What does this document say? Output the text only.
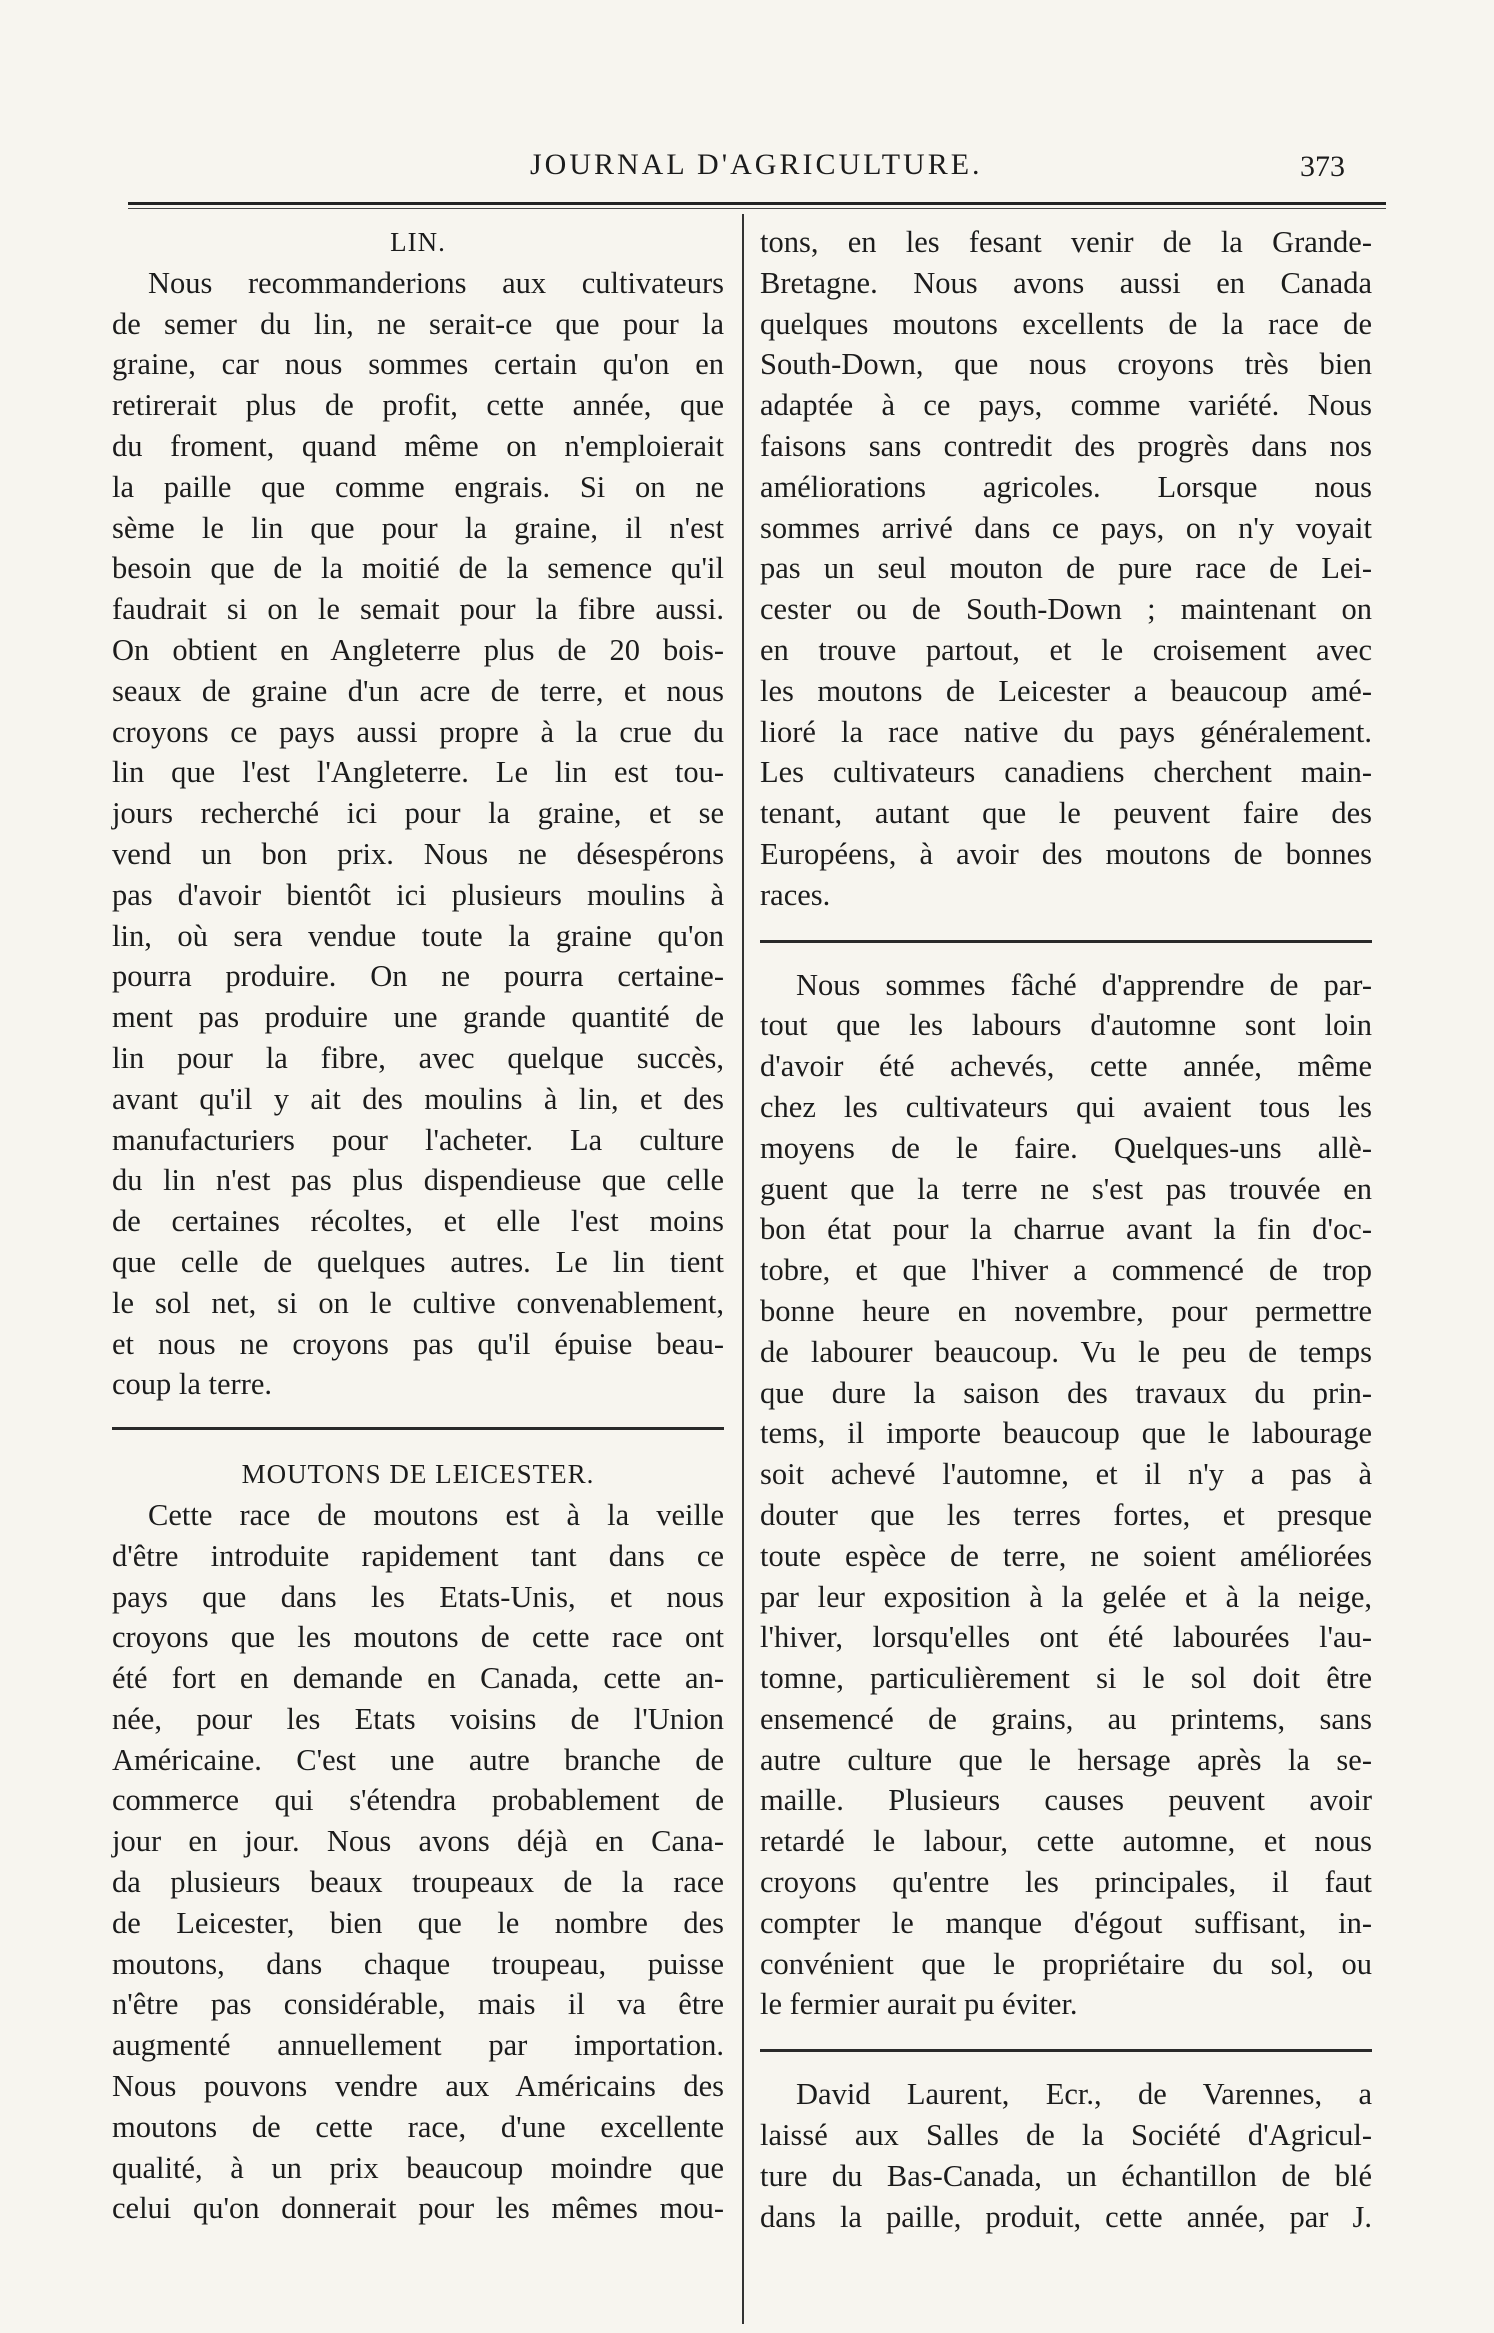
JOURNAL D'AGRICULTURE.	373
LIN.
Nous recommanderions aux cultivateurs
de semer du lin, ne serait-ce que pour la
graine, car nous sommes certain qu'on en
retirerait plus de profit, cette année, que
du froment, quand même on n'emploierait
la paille que comme engrais. Si on ne
sème le lin que pour la graine, il n'est
besoin que de la moitié de la semence qu'il
faudrait si on le semait pour la fibre aussi.
On obtient en Angleterre plus de 20 bois-
seaux de graine d'un acre de terre, et nous
croyons ce pays aussi propre à la crue du
lin que l'est l'Angleterre. Le lin est tou-
jours recherché ici pour la graine, et se
vend un bon prix. Nous ne désespérons
pas d'avoir bientôt ici plusieurs moulins à
lin, où sera vendue toute la graine qu'on
pourra produire. On ne pourra certaine-
ment pas produire une grande quantité de
lin pour la fibre, avec quelque succès,
avant qu'il y ait des moulins à lin, et des
manufacturiers pour l'acheter. La culture
du lin n'est pas plus dispendieuse que celle
de certaines récoltes, et elle l'est moins
que celle de quelques autres. Le lin tient
le sol net, si on le cultive convenablement,
et nous ne croyons pas qu'il épuise beau-
coup la terre.
MOUTONS DE LEICESTER.
Cette race de moutons est à la veille
d'être introduite rapidement tant dans ce
pays que dans les Etats-Unis, et nous
croyons que les moutons de cette race ont
été fort en demande en Canada, cette an-
née, pour les Etats voisins de l'Union
Américaine. C'est une autre branche de
commerce qui s'étendra probablement de
jour en jour. Nous avons déjà en Cana-
da plusieurs beaux troupeaux de la race
de Leicester, bien que le nombre des
moutons, dans chaque troupeau, puisse
n'être pas considérable, mais il va être
augmenté annuellement par importation.
Nous pouvons vendre aux Américains des
moutons de cette race, d'une excellente
qualité, à un prix beaucoup moindre que
celui qu'on donnerait pour les mêmes mou-
tons, en les fesant venir de la Grande-
Bretagne. Nous avons aussi en Canada
quelques moutons excellents de la race de
South-Down, que nous croyons très bien
adaptée à ce pays, comme variété. Nous
faisons sans contredit des progrès dans nos
améliorations agricoles. Lorsque nous
sommes arrivé dans ce pays, on n'y voyait
pas un seul mouton de pure race de Lei-
cester ou de South-Down ; maintenant on
en trouve partout, et le croisement avec
les moutons de Leicester a beaucoup amé-
lioré la race native du pays généralement.
Les cultivateurs canadiens cherchent main-
tenant, autant que le peuvent faire des
Européens, à avoir des moutons de bonnes
races.
Nous sommes fâché d'apprendre de par-
tout que les labours d'automne sont loin
d'avoir été achevés, cette année, même
chez les cultivateurs qui avaient tous les
moyens de le faire. Quelques-uns allè-
guent que la terre ne s'est pas trouvée en
bon état pour la charrue avant la fin d'oc-
tobre, et que l'hiver a commencé de trop
bonne heure en novembre, pour permettre
de labourer beaucoup. Vu le peu de temps
que dure la saison des travaux du prin-
tems, il importe beaucoup que le labourage
soit achevé l'automne, et il n'y a pas à
douter que les terres fortes, et presque
toute espèce de terre, ne soient améliorées
par leur exposition à la gelée et à la neige,
l'hiver, lorsqu'elles ont été labourées l'au-
tomne, particulièrement si le sol doit être
ensemencé de grains, au printems, sans
autre culture que le hersage après la se-
maille. Plusieurs causes peuvent avoir
retardé le labour, cette automne, et nous
croyons qu'entre les principales, il faut
compter le manque d'égout suffisant, in-
convénient que le propriétaire du sol, ou
le fermier aurait pu éviter.
David Laurent, Ecr., de Varennes, a
laissé aux Salles de la Société d'Agricul-
ture du Bas-Canada, un échantillon de blé
dans la paille, produit, cette année, par J.
